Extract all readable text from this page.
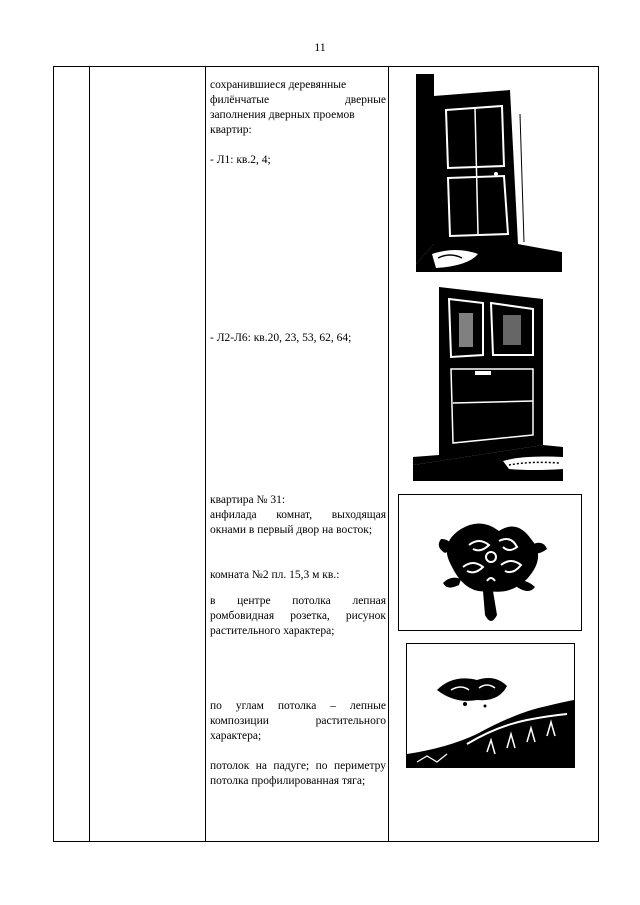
11

сохранившиеся деревянные

филёнчатые	дверные

заполнения дверных проемов

квартир:

- Л1: кв.2, 4;
- Л2-Л6: кв.20, 23, 53, 62, 64;

квартира № 31:

анфилада комнат, выходящая окнами в первый двор на восток;

комната №2 пл. 15,3 м кв.:
в центре потолка лепная ромбовидная розетка, рисунок растительного характера;
по углам потолка – лепные композиции растительного характера;
потолок на падуге; по периметру потолка профилированная тяга;
